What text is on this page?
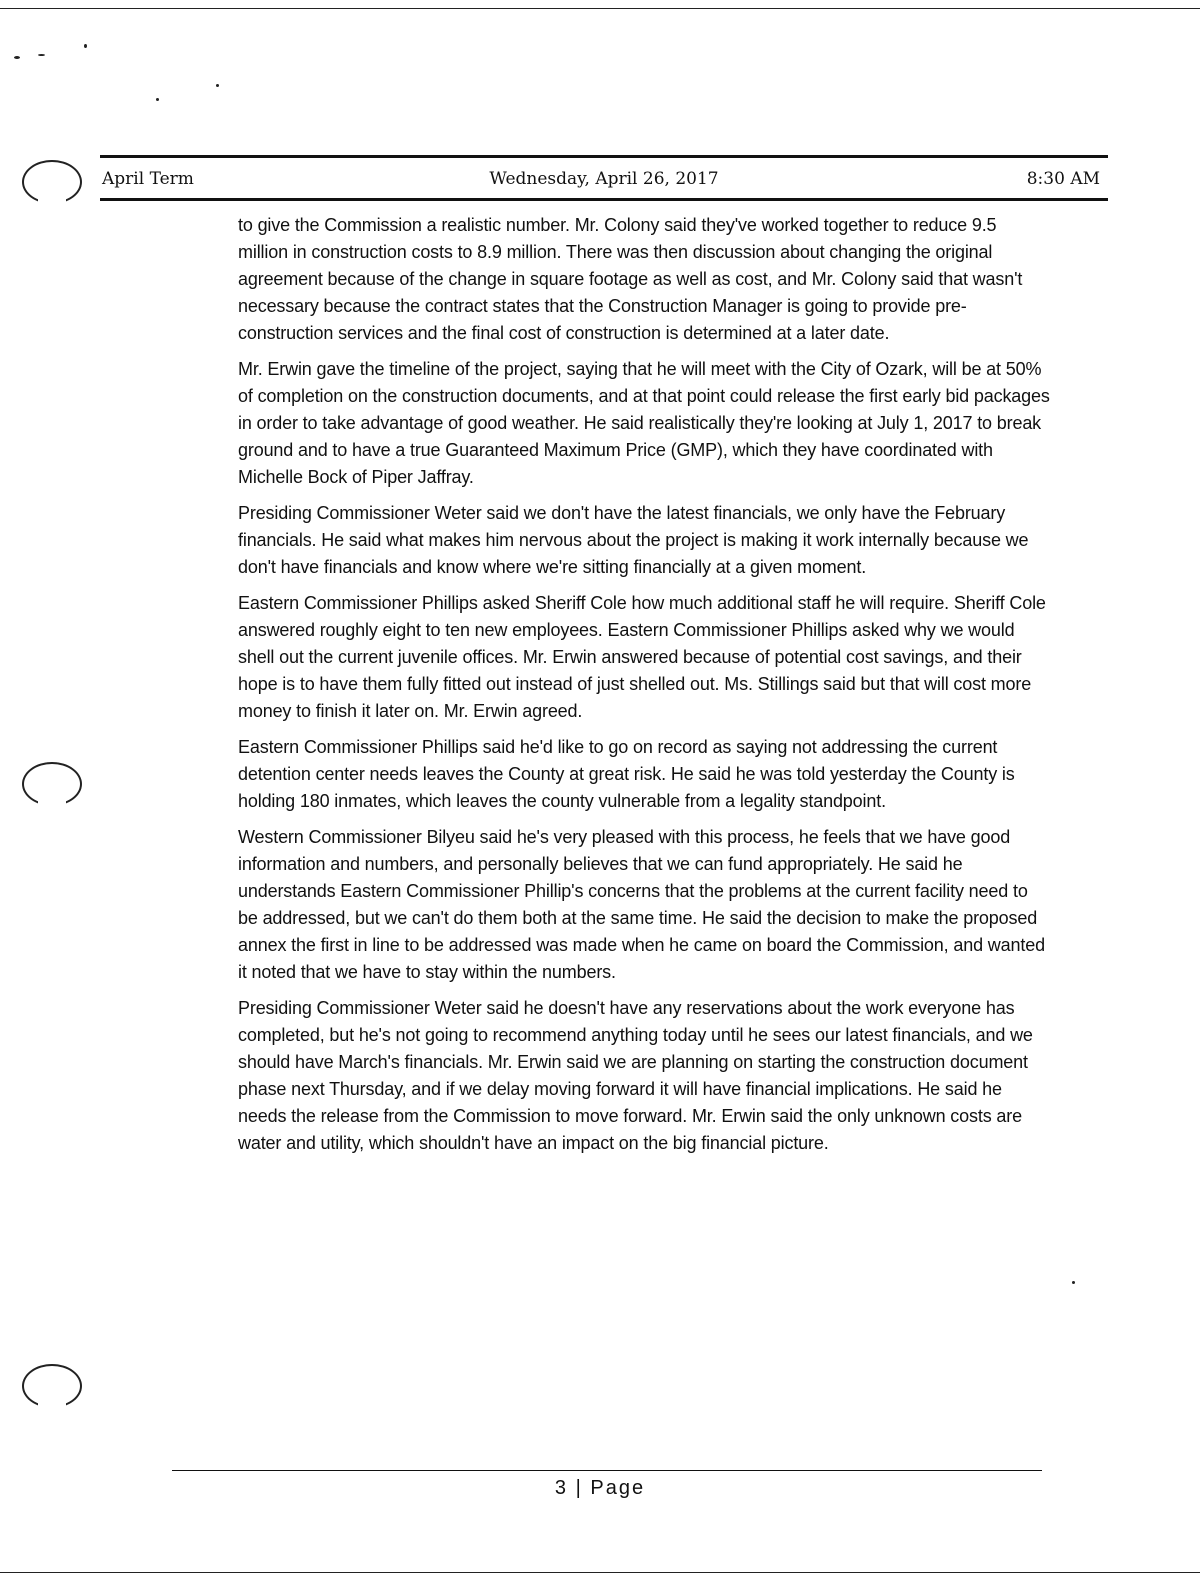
April Term	Wednesday, April 26, 2017	8:30 AM

to give the Commission a realistic number. Mr. Colony said they've worked together to reduce 9.5 million in construction costs to 8.9 million. There was then discussion about changing the original agreement because of the change in square footage as well as cost, and Mr. Colony said that wasn't necessary because the contract states that the Construction Manager is going to provide pre-construction services and the final cost of construction is determined at a later date.

Mr. Erwin gave the timeline of the project, saying that he will meet with the City of Ozark, will be at 50% of completion on the construction documents, and at that point could release the first early bid packages in order to take advantage of good weather. He said realistically they're looking at July 1, 2017 to break ground and to have a true Guaranteed Maximum Price (GMP), which they have coordinated with Michelle Bock of Piper Jaffray.

Presiding Commissioner Weter said we don't have the latest financials, we only have the February financials. He said what makes him nervous about the project is making it work internally because we don't have financials and know where we're sitting financially at a given moment.

Eastern Commissioner Phillips asked Sheriff Cole how much additional staff he will require. Sheriff Cole answered roughly eight to ten new employees. Eastern Commissioner Phillips asked why we would shell out the current juvenile offices. Mr. Erwin answered because of potential cost savings, and their hope is to have them fully fitted out instead of just shelled out. Ms. Stillings said but that will cost more money to finish it later on. Mr. Erwin agreed.

Eastern Commissioner Phillips said he'd like to go on record as saying not addressing the current detention center needs leaves the County at great risk. He said he was told yesterday the County is holding 180 inmates, which leaves the county vulnerable from a legality standpoint.

Western Commissioner Bilyeu said he's very pleased with this process, he feels that we have good information and numbers, and personally believes that we can fund appropriately. He said he understands Eastern Commissioner Phillip's concerns that the problems at the current facility need to be addressed, but we can't do them both at the same time. He said the decision to make the proposed annex the first in line to be addressed was made when he came on board the Commission, and wanted it noted that we have to stay within the numbers.

Presiding Commissioner Weter said he doesn't have any reservations about the work everyone has completed, but he's not going to recommend anything today until he sees our latest financials, and we should have March's financials. Mr. Erwin said we are planning on starting the construction document phase next Thursday, and if we delay moving forward it will have financial implications. He said he needs the release from the Commission to move forward. Mr. Erwin said the only unknown costs are water and utility, which shouldn't have an impact on the big financial picture.

3 | Page
